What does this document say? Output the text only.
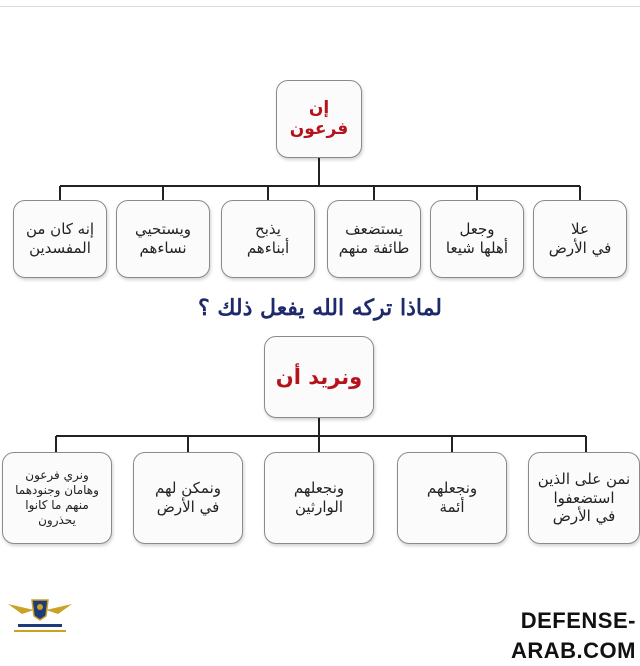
إن فرعون
علا
في الأرض
وجعل
أهلها شيعا
يستضعف
طائفة منهم
يذبح
أبناءهم
ويستحيي
نساءهم
إنه كان من
المفسدين
لماذا تركه الله يفعل ذلك ؟
ونريد أن
نمن على الذين
استضعفوا
في الأرض
ونجعلهم
أئمة
ونجعلهم
الوارثين
ونمكن لهم
في الأرض
ونري فرعون
وهامان وجنودهما
منهم ما كانوا
يحذرون
DEFENSE-ARAB.COM
